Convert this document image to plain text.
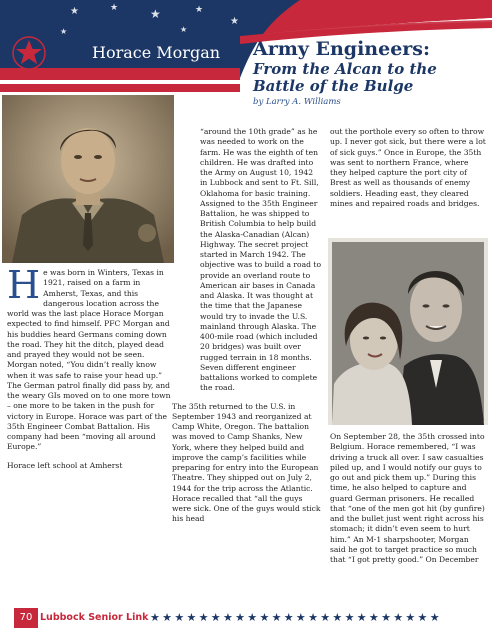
★	★	★	★
★
★	★
Horace Morgan	Army Engineers:
From the Alcan to the Battle of the Bulge
by Larry A. Williams

He was born in Winters, Texas in 1921, raised on a farm in Amherst, Texas, and this dangerous location across the world was the last place Horace Morgan expected to find himself. PFC Morgan and his buddies heard Germans coming down the road. They hit the ditch, played dead and prayed they would not be seen. Morgan noted, “You didn’t really know when it was safe to raise your head up.” The German patrol finally did pass by, and the weary GIs moved on to one more town – one more to be taken in the push for victory in Europe. Horace was part of the 35th Engineer Combat Battalion. His company had been “moving all around Europe.”

Horace left school at Amherst

“around the 10th grade” as he was needed to work on the farm. He was the eighth of ten children. He was drafted into the Army on August 10, 1942 in Lubbock and sent to Ft. Sill, Oklahoma for basic training. Assigned to the 35th Engineer Battalion, he was shipped to British Columbia to help build the Alaska-Canadian (Alcan) Highway. The secret project started in March 1942. The objective was to build a road to provide an overland route to American air bases in Canada and Alaska. It was thought at the time that the Japanese would try to invade the U.S. mainland through Alaska. The 400-mile road (which included 20 bridges) was built over rugged terrain in 18 months. Seven different engineer battalions worked to complete the road.

The 35th returned to the U.S. in September 1943 and reorganized at Camp White, Oregon. The battalion was moved to Camp Shanks, New York, where they helped build and improve the camp’s facilities while preparing for entry into the European Theatre. They shipped out on July 2, 1944 for the trip across the Atlantic. Horace recalled that “all the guys were sick. One of the guys would stick his head

out the porthole every so often to throw up. I never got sick, but there were a lot of sick guys.” Once in Europe, the 35th was sent to northern France, where they helped capture the port city of Brest as well as thousands of enemy soldiers. Heading east, they cleared mines and repaired roads and bridges.

On September 28, the 35th crossed into Belgium. Horace remembered, “I was driving a truck all over. I saw casualties piled up, and I would notify our guys to go out and pick them up.” During this time, he also helped to capture and guard German prisoners. He recalled that “one of the men got hit (by gunfire) and the bullet just went right across his stomach; it didn’t even seem to hurt him.” An M-1 sharpshooter, Morgan said he got to target practice so much that “I got pretty good.” On December

70 Lubbock Senior Link ★★★★★★★★★★★★★★★★★★★★★★★★
